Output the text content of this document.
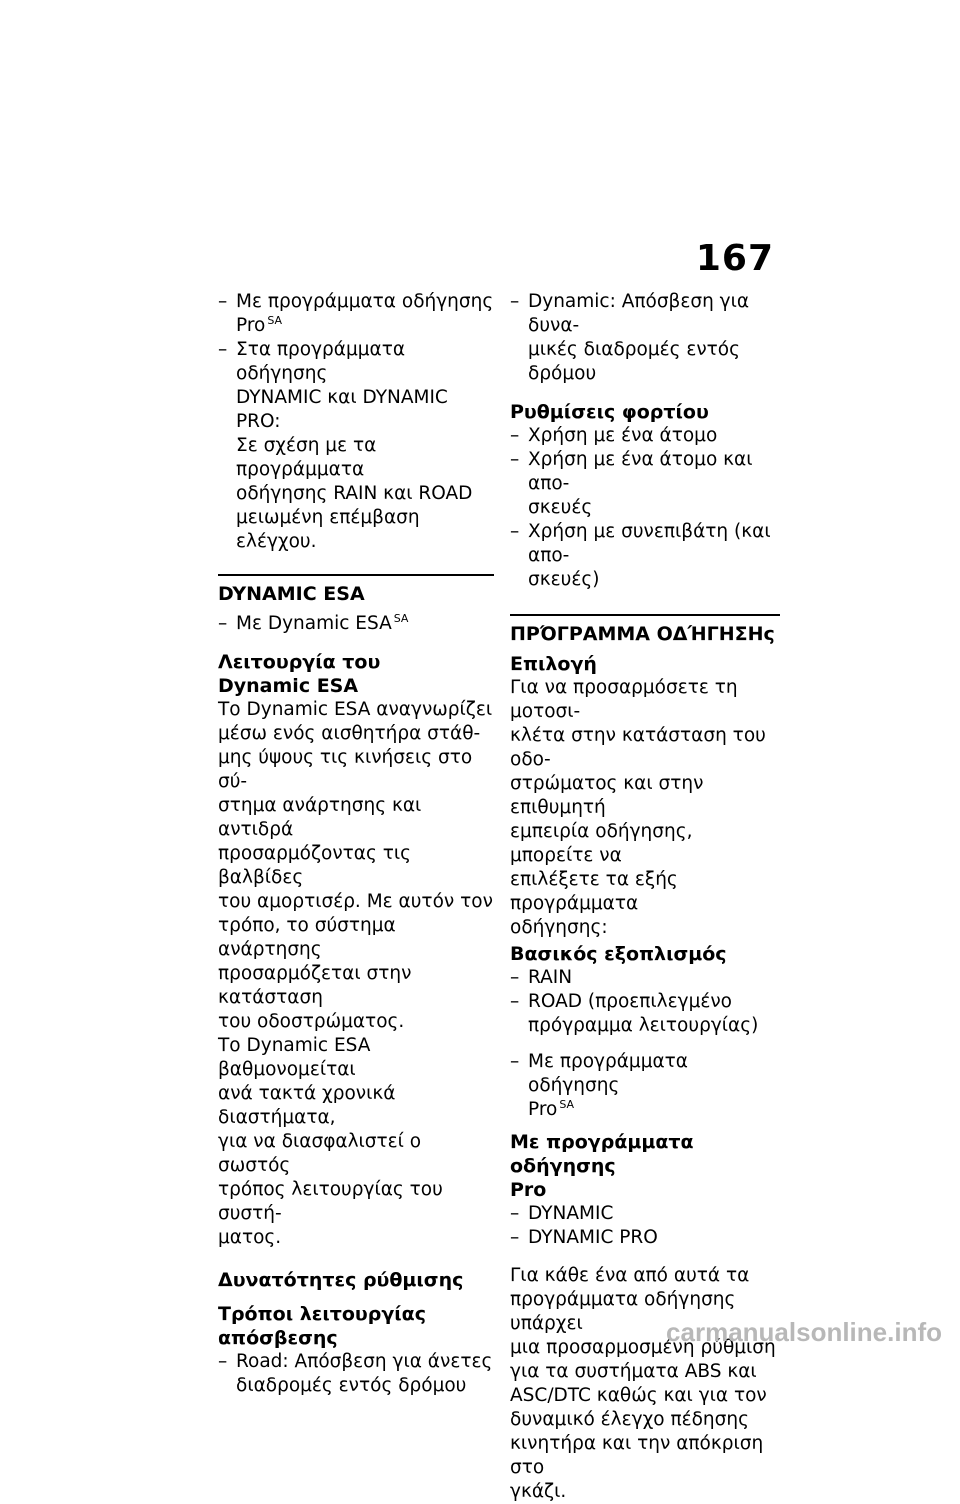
167
– Με προγράμματα οδήγησης
Pro $^{SA}$
– Στα προγράμματα οδήγησης
DYNAMIC και DYNAMIC PRO:
Σε σχέση με τα προγράμματα
οδήγησης RAIN και ROAD
μειωμένη επέμβαση ελέγχου.
DYNAMIC ESA
– Με Dynamic ESA $^{SA}$
Λειτουργία του
Dynamic ESA

Το Dynamic ESA αναγνωρίζει
μέσω ενός αισθητήρα στάθ-
μης ύψους τις κινήσεις στο σύ-
στημα ανάρτησης και αντιδρά
προσαρμόζοντας τις βαλβίδες
του αμορτισέρ. Με αυτόν τον
τρόπο, το σύστημα ανάρτησης
προσαρμόζεται στην κατάσταση
του οδοστρώματος.

Το Dynamic ESA βαθμονομείται
ανά τακτά χρονικά διαστήματα,
για να διασφαλιστεί ο σωστός
τρόπος λειτουργίας του συστή-
ματος.

Δυνατότητες ρύθμισης
Τρόποι λειτουργίας
απόσβεσης
– Road: Απόσβεση για άνετες
διαδρομές εντός δρόμου
– Dynamic: Απόσβεση για δυνα-
μικές διαδρομές εντός δρόμου
Ρυθμίσεις φορτίου
– Χρήση με ένα άτομο
– Χρήση με ένα άτομο και απο-
σκευές
– Χρήση με συνεπιβάτη (και απο-
σκευές)
ΠΡΌΓΡΑΜΜΑ ΟΔΉΓΗΣΗς
Επιλογή

Για να προσαρμόσετε τη μοτοσι-
κλέτα στην κατάσταση του οδο-
στρώματος και στην επιθυμητή
εμπειρία οδήγησης, μπορείτε να
επιλέξετε τα εξής προγράμματα
οδήγησης:

Βασικός εξοπλισμός
– RAIN
– ROAD (προεπιλεγμένο
πρόγραμμα λειτουργίας)
– Με προγράμματα οδήγησης
Pro $^{SA}$
Με προγράμματα οδήγησης
Pro
– DYNAMIC
– DYNAMIC PRO

Για κάθε ένα από αυτά τα
προγράμματα οδήγησης υπάρχει
μια προσαρμοσμένη ρύθμιση
για τα συστήματα ABS και
ASC/DTC καθώς και για τον
δυναμικό έλεγχο πέδησης
κινητήρα και την απόκριση στο
γκάζι.

carmanualsonline.info
